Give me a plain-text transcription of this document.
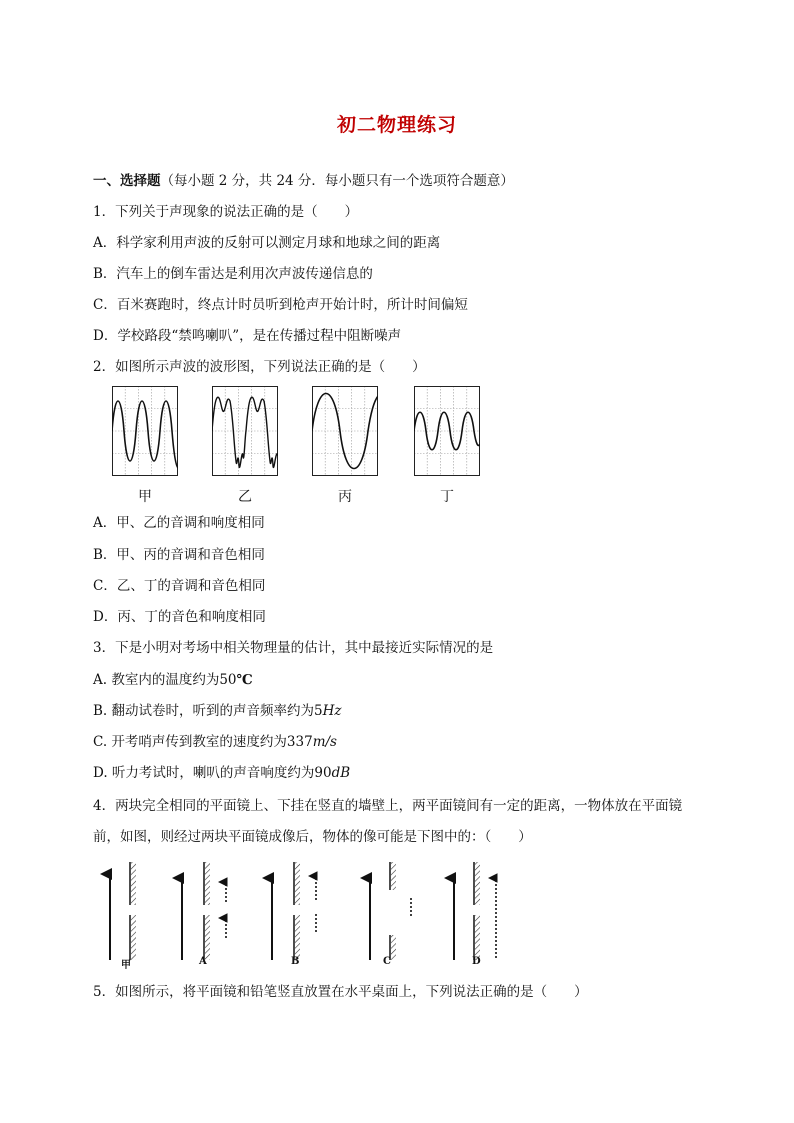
初二物理练习
一、选择题（每小题 2 分，共 24 分．每小题只有一个选项符合题意）
1．下列关于声现象的说法正确的是（　　）
A．科学家利用声波的反射可以测定月球和地球之间的距离
B．汽车上的倒车雷达是利用次声波传递信息的
C．百米赛跑时，终点计时员听到枪声开始计时，所计时间偏短
D．学校路段“禁鸣喇叭”，是在传播过程中阻断噪声
2．如图所示声波的波形图，下列说法正确的是（　　）
甲	乙	丙	丁
A．甲、乙的音调和响度相同
B．甲、丙的音调和音色相同
C．乙、丁的音调和音色相同
D．丙、丁的音色和响度相同
3．下是小明对考场中相关物理量的估计，其中最接近实际情况的是
A. 教室内的温度约为50℃
B. 翻动试卷时，听到的声音频率约为5Hz
C. 开考哨声传到教室的速度约为337m/s
D. 听力考试时，喇叭的声音响度约为90dB
4．两块完全相同的平面镜上、下挂在竖直的墙壁上，两平面镜间有一定的距离，一物体放在平面镜前，如图，则经过两块平面镜成像后，物体的像可能是下图中的：（　　）
甲	A	B	C	D
5．如图所示，将平面镜和铅笔竖直放置在水平桌面上，下列说法正确的是（　　）
